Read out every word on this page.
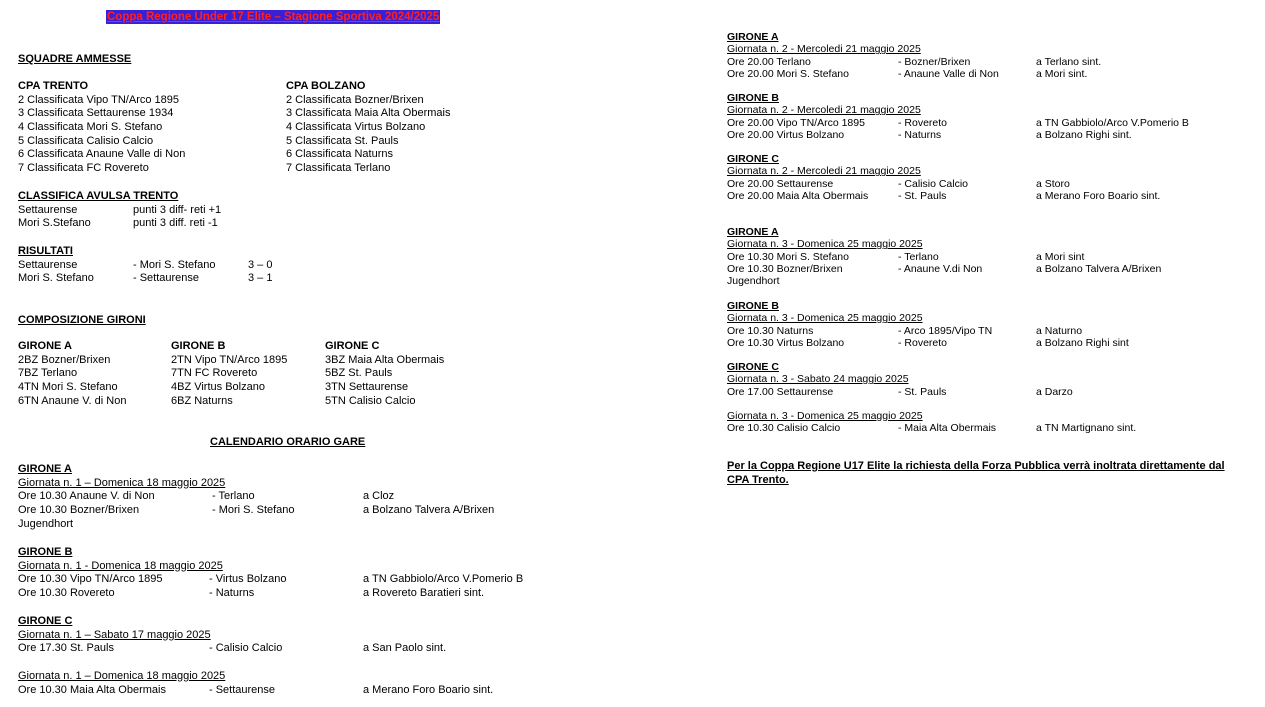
Coppa Regione Under 17 Elite – Stagione Sportiva 2024/2025
SQUADRE AMMESSE
CPA TRENTO
2 Classificata Vipo TN/Arco 1895
3 Classificata Settaurense 1934
4 Classificata Mori S. Stefano
5 Classificata Calisio Calcio
6 Classificata Anaune Valle di Non
7 Classificata FC Rovereto
CPA BOLZANO
2 Classificata Bozner/Brixen
3 Classificata Maia Alta Obermais
4 Classificata Virtus Bolzano
5 Classificata St. Pauls
6 Classificata Naturns
7 Classificata Terlano
CLASSIFICA AVULSA TRENTO
Settaurense	punti 3 diff- reti +1
Mori S.Stefano	punti 3 diff. reti -1
RISULTATI
Settaurense	- Mori S. Stefano	3 – 0
Mori S. Stefano	- Settaurense	3 – 1
COMPOSIZIONE GIRONI
GIRONE A
2BZ Bozner/Brixen
7BZ Terlano
4TN Mori S. Stefano
6TN Anaune V. di Non
GIRONE B
2TN Vipo TN/Arco 1895
7TN FC Rovereto
4BZ Virtus Bolzano
6BZ Naturns
GIRONE C
3BZ Maia Alta Obermais
5BZ St. Pauls
3TN Settaurense
5TN Calisio Calcio
CALENDARIO ORARIO GARE
GIRONE A
Giornata n. 1 – Domenica 18 maggio 2025
Ore 10.30 Anaune V. di Non	- Terlano	a Cloz
Ore 10.30 Bozner/Brixen	- Mori S. Stefano	a Bolzano Talvera A/Brixen
Jugendhort
GIRONE B
Giornata n. 1 - Domenica 18 maggio 2025
Ore 10.30 Vipo TN/Arco 1895	- Virtus Bolzano	a TN Gabbiolo/Arco V.Pomerio B
Ore 10.30 Rovereto	- Naturns	a Rovereto Baratieri sint.
GIRONE C
Giornata n. 1 – Sabato 17 maggio 2025
Ore 17.30 St. Pauls	- Calisio Calcio	a San Paolo sint.
Giornata n. 1 – Domenica 18 maggio 2025
Ore 10.30 Maia Alta Obermais	- Settaurense	a Merano Foro Boario sint.
GIRONE A
Giornata n. 2 - Mercoledi 21 maggio 2025
Ore 20.00 Terlano	- Bozner/Brixen	a Terlano sint.
Ore 20.00 Mori S. Stefano	- Anaune Valle di Non	a Mori sint.
GIRONE B
Giornata n. 2 - Mercoledi 21 maggio 2025
Ore 20.00 Vipo TN/Arco 1895	- Rovereto	a TN Gabbiolo/Arco V.Pomerio B
Ore 20.00 Virtus Bolzano	- Naturns	a Bolzano Righi sint.
GIRONE C
Giornata n. 2 - Mercoledi 21 maggio 2025
Ore 20.00 Settaurense	- Calisio Calcio	a Storo
Ore 20.00 Maia Alta Obermais	- St. Pauls	a Merano Foro Boario sint.
GIRONE A
Giornata n. 3 - Domenica 25 maggio 2025
Ore 10.30 Mori S. Stefano	- Terlano	a Mori sint
Ore 10.30 Bozner/Brixen	- Anaune V.di Non	a Bolzano Talvera A/Brixen
Jugendhort
GIRONE B
Giornata n. 3 - Domenica 25 maggio 2025
Ore 10.30 Naturns	- Arco 1895/Vipo TN	a Naturno
Ore 10.30 Virtus Bolzano	- Rovereto	a Bolzano Righi sint
GIRONE C
Giornata n. 3 - Sabato 24 maggio 2025
Ore 17.00 Settaurense	- St. Pauls	a Darzo
Giornata n. 3 - Domenica 25 maggio 2025
Ore 10.30 Calisio Calcio	- Maia Alta Obermais	a TN Martignano sint.
Per la Coppa Regione U17 Elite la richiesta della Forza Pubblica verrà inoltrata direttamente dal CPA Trento.
